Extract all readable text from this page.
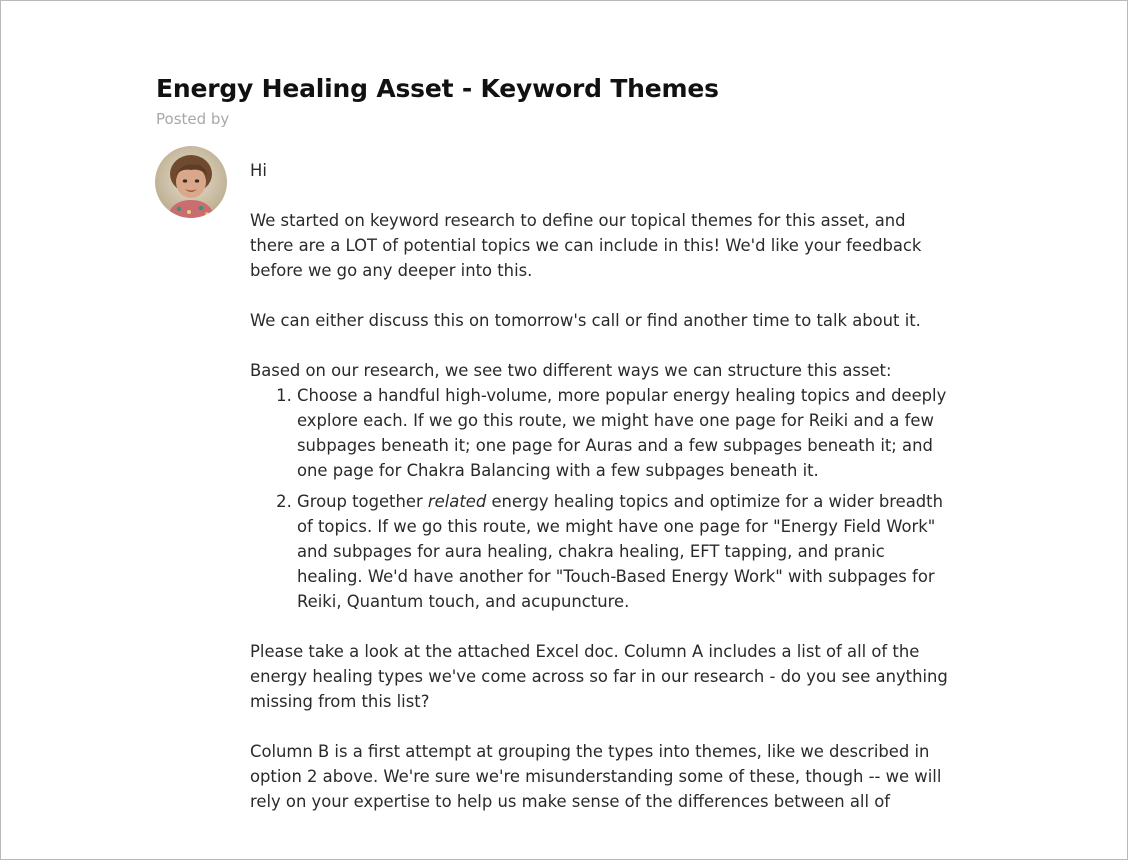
Energy Healing Asset - Keyword Themes
Posted by

Hi

We started on keyword research to define our topical themes for this asset, and there are a LOT of potential topics we can include in this! We'd like your feedback before we go any deeper into this.

We can either discuss this on tomorrow's call or find another time to talk about it.

Based on our research, we see two different ways we can structure this asset:

1. Choose a handful high-volume, more popular energy healing topics and deeply explore each. If we go this route, we might have one page for Reiki and a few subpages beneath it; one page for Auras and a few subpages beneath it; and one page for Chakra Balancing with a few subpages beneath it.
2. Group together related energy healing topics and optimize for a wider breadth of topics. If we go this route, we might have one page for "Energy Field Work" and subpages for aura healing, chakra healing, EFT tapping, and pranic healing. We'd have another for "Touch-Based Energy Work" with subpages for Reiki, Quantum touch, and acupuncture.

Please take a look at the attached Excel doc. Column A includes a list of all of the energy healing types we've come across so far in our research - do you see anything missing from this list?

Column B is a first attempt at grouping the types into themes, like we described in option 2 above. We're sure we're misunderstanding some of these, though -- we will rely on your expertise to help us make sense of the differences between all of
